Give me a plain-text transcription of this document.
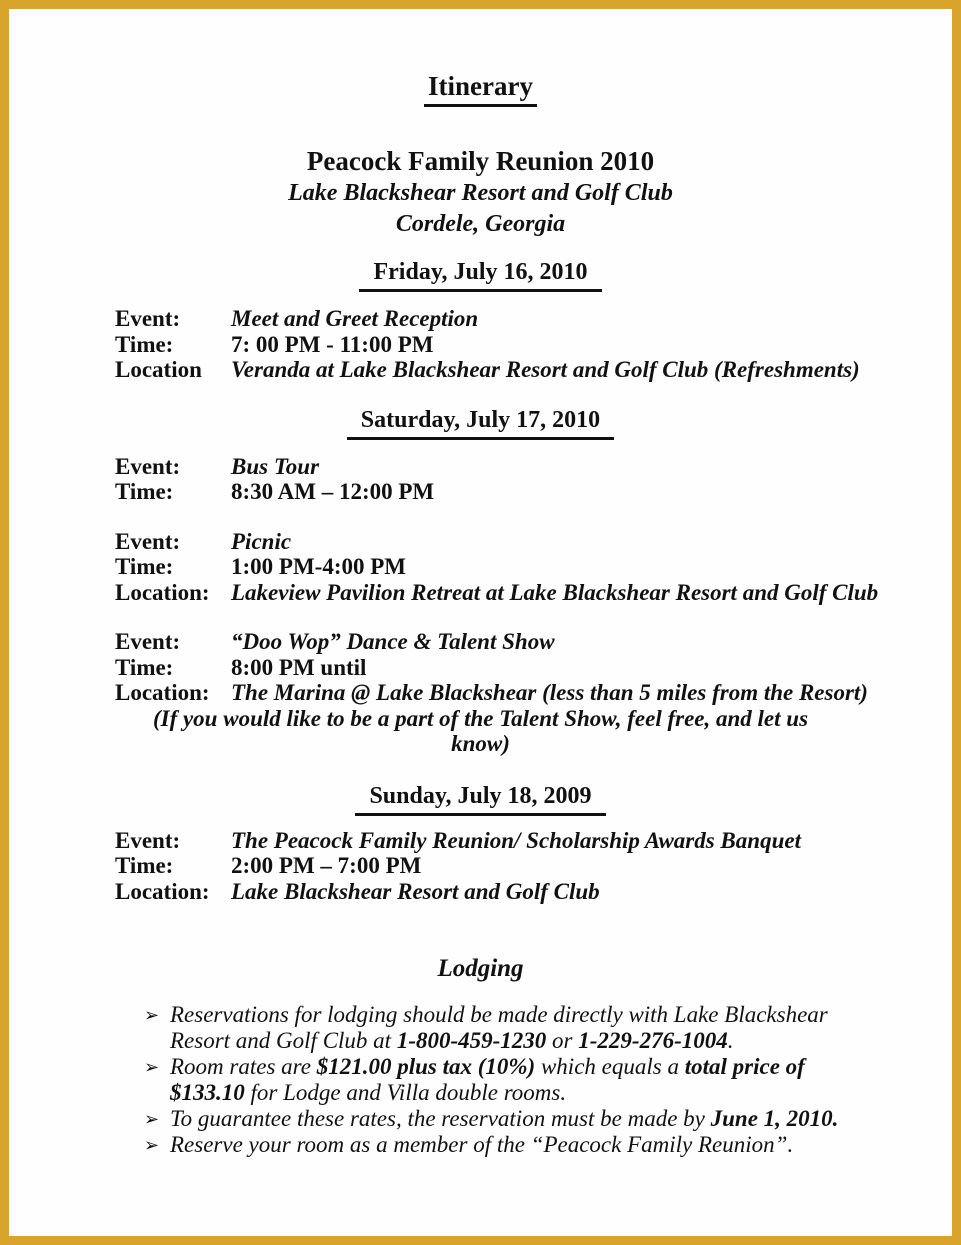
Itinerary
Peacock Family Reunion 2010
Lake Blackshear Resort and Golf Club
Cordele, Georgia
Friday, July 16, 2010
Event:	Meet and Greet Reception
Time:	7: 00 PM - 11:00 PM
Location	Veranda at Lake Blackshear Resort and Golf Club (Refreshments)
Saturday, July 17, 2010
Event:	Bus Tour
Time:	8:30 AM – 12:00 PM
Event:	Picnic
Time:	1:00 PM-4:00 PM
Location: Lakeview Pavilion Retreat at Lake Blackshear Resort and Golf Club
Event:	“Doo Wop” Dance & Talent Show
Time:	8:00 PM until
Location: The Marina @ Lake Blackshear (less than 5 miles from the Resort)
(If you would like to be a part of the Talent Show, feel free, and let us
know)
Sunday, July 18, 2009
Event:	The Peacock Family Reunion/ Scholarship Awards Banquet
Time:	2:00 PM – 7:00 PM
Location: Lake Blackshear Resort and Golf Club
Lodging
➢ Reservations for lodging should be made directly with Lake Blackshear
Resort and Golf Club at 1-800-459-1230 or 1-229-276-1004.
➢ Room rates are $121.00 plus tax (10%) which equals a total price of
$133.10 for Lodge and Villa double rooms.
➢ To guarantee these rates, the reservation must be made by June 1, 2010.
➢ Reserve your room as a member of the “Peacock Family Reunion”.
